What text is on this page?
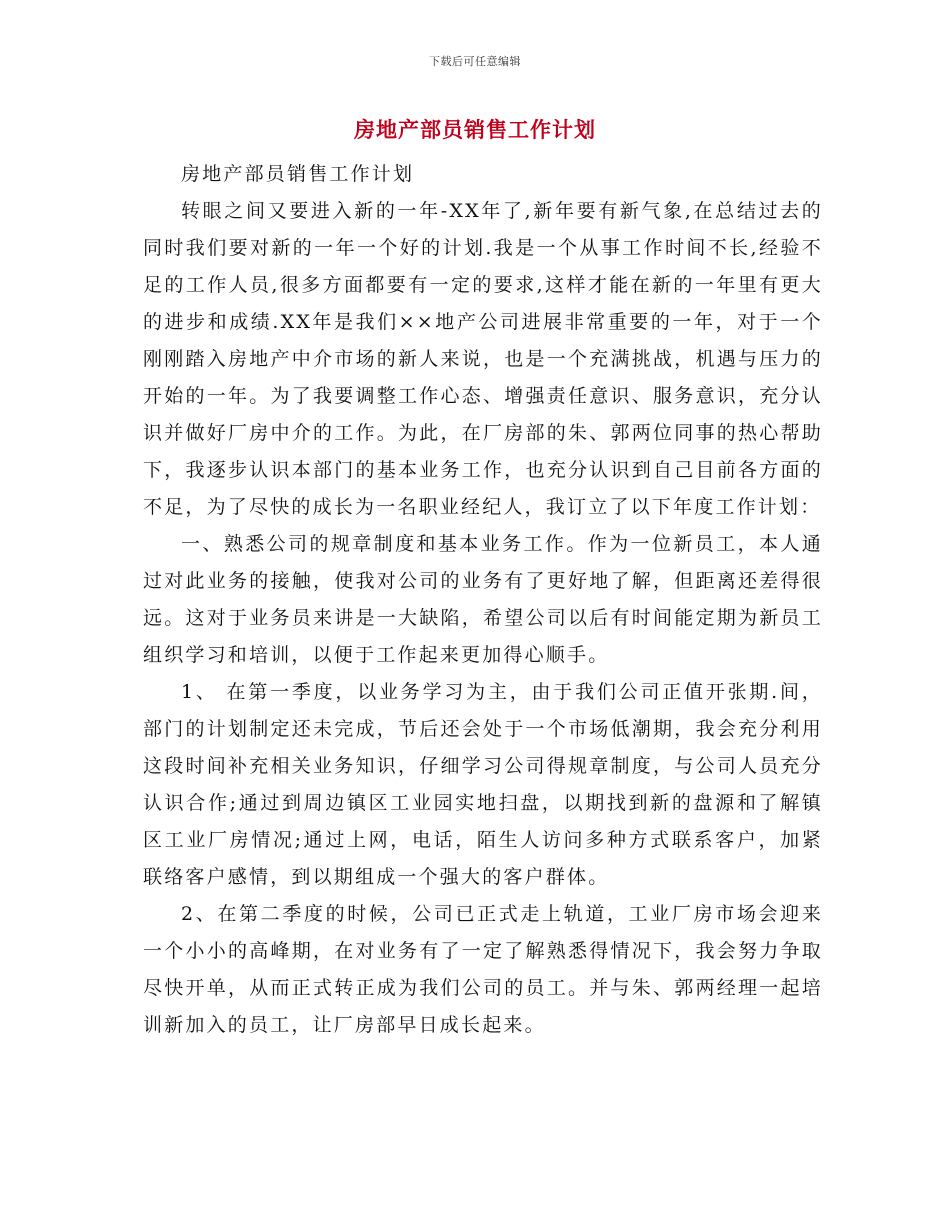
下载后可任意编辑
房地产部员销售工作计划

房地产部员销售工作计划

转眼之间又要进入新的一年-XX年了,新年要有新气象,在总结过去的同时我们要对新的一年一个好的计划.我是一个从事工作时间不长,经验不足的工作人员,很多方面都要有一定的要求,这样才能在新的一年里有更大的进步和成绩.XX年是我们××地产公司进展非常重要的一年，对于一个刚刚踏入房地产中介市场的新人来说，也是一个充满挑战，机遇与压力的开始的一年。为了我要调整工作心态、增强责任意识、服务意识，充分认识并做好厂房中介的工作。为此，在厂房部的朱、郭两位同事的热心帮助下，我逐步认识本部门的基本业务工作，也充分认识到自己目前各方面的不足，为了尽快的成长为一名职业经纪人，我订立了以下年度工作计划：

一、熟悉公司的规章制度和基本业务工作。作为一位新员工，本人通过对此业务的接触，使我对公司的业务有了更好地了解，但距离还差得很远。这对于业务员来讲是一大缺陷，希望公司以后有时间能定期为新员工组织学习和培训，以便于工作起来更加得心顺手。

1、 在第一季度，以业务学习为主，由于我们公司正值开张期.间，部门的计划制定还未完成，节后还会处于一个市场低潮期，我会充分利用这段时间补充相关业务知识，仔细学习公司得规章制度，与公司人员充分认识合作;通过到周边镇区工业园实地扫盘，以期找到新的盘源和了解镇区工业厂房情况;通过上网，电话，陌生人访问多种方式联系客户，加紧联络客户感情，到以期组成一个强大的客户群体。

2、在第二季度的时候，公司已正式走上轨道，工业厂房市场会迎来一个小小的高峰期，在对业务有了一定了解熟悉得情况下，我会努力争取尽快开单，从而正式转正成为我们公司的员工。并与朱、郭两经理一起培训新加入的员工，让厂房部早日成长起来。
